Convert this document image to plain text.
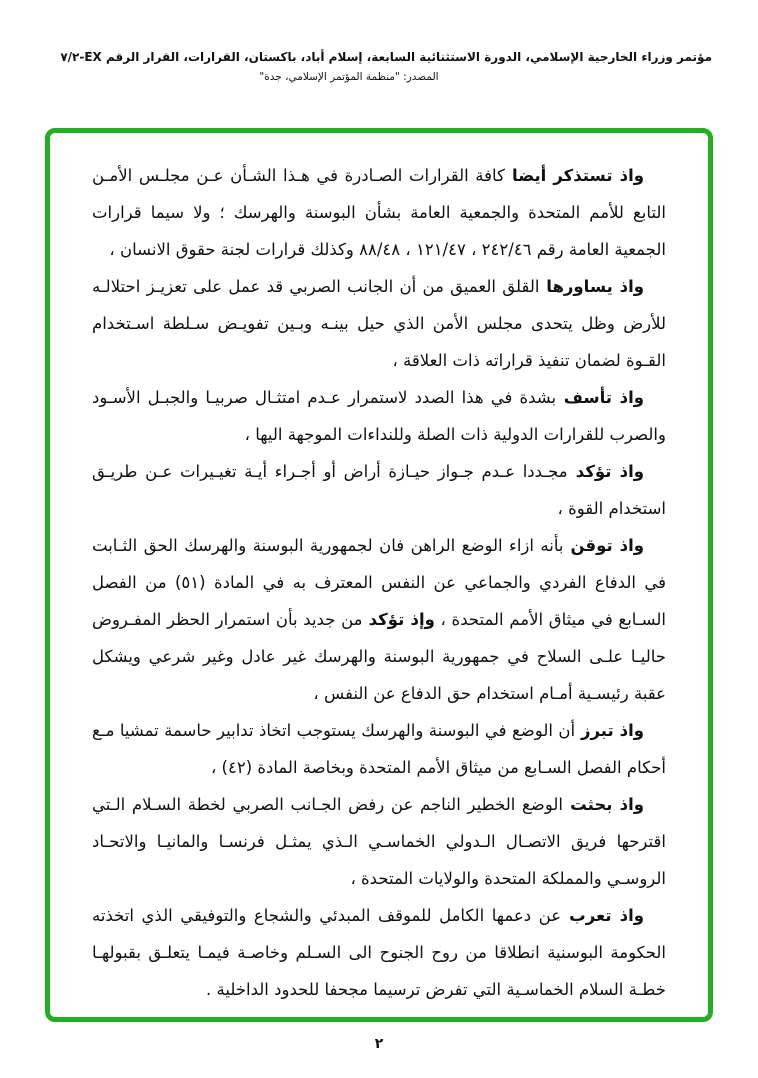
مؤتمر وزراء الخارجية الإسلامي، الدورة الاستثنائية السابعة، إسلام أباد، باكستان، القرارات، القرار الرقم EX-٧/٢
المصدر: "منظمة المؤتمر الإسلامي، جدة"

واذ تستذكر أيضا كافة القرارات الصـادرة في هـذا الشـأن عـن مجلـس الأمـن التابع للأمم المتحدة والجمعية العامة بشأن البوسنة والهرسك ؛ ولا سيما قرارات الجمعية العامة رقم ٢٤٢/٤٦ ، ١٢١/٤٧ ، ٨٨/٤٨ وكذلك قرارات لجنة حقوق الانسان ،

واذ يساورها القلق العميق من أن الجانب الصربي قد عمل على تعزيـز احتلالـه للأرض وظل يتحدى مجلس الأمن الذي حيل بينـه وبـين تفويـض سـلطة اسـتخدام القـوة لضمان تنفيذ قراراته ذات العلاقة ،

واذ تأسف بشدة في هذا الصدد لاستمرار عـدم امتثـال صربيـا والجبـل الأسـود والصرب للقرارات الدولية ذات الصلة وللنداءات الموجهة اليها ،

واذ تؤكد مجـددا عـدم جـواز حيـازة أراض أو أجـراء أيـة تغيـيرات عـن طريـق استخدام القوة ،

واذ توقن بأنه ازاء الوضع الراهن فان لجمهورية البوسنة والهرسك الحق الثـابت في الدفاع الفردي والجماعي عن النفس المعترف به في المادة (٥١) من الفصل السـابع في ميثاق الأمم المتحدة ، وإذ تؤكد من جديد بأن استمرار الحظر المفـروض حاليـا علـى السلاح في جمهورية البوسنة والهرسك غير عادل وغير شرعي ويشكل عقبة رئيسـية أمـام استخدام حق الدفاع عن النفس ،

واذ تبرز أن الوضع في البوسنة والهرسك يستوجب اتخاذ تدابير حاسمة تمشيا مـع أحكام الفصل السـابع من ميثاق الأمم المتحدة وبخاصة المادة (٤٢) ،

واذ بحثت الوضع الخطير الناجم عن رفض الجـانب الصربي لخطة السـلام الـتي اقترحها فريق الاتصـال الـدولي الخماسـي الـذي يمثـل فرنسـا والمانيـا والاتحـاد الروسـي والمملكة المتحدة والولايات المتحدة ،

واذ تعرب عن دعمها الكامل للموقف المبدئي والشجاع والتوفيقي الذي اتخذته الحكومة البوسنية انطلاقا من روح الجنوح الى السـلم وخاصـة فيمـا يتعلـق بقبولهـا خطـة السلام الخماسـية التي تفرض ترسيما مجحفا للحدود الداخلية .

٢
